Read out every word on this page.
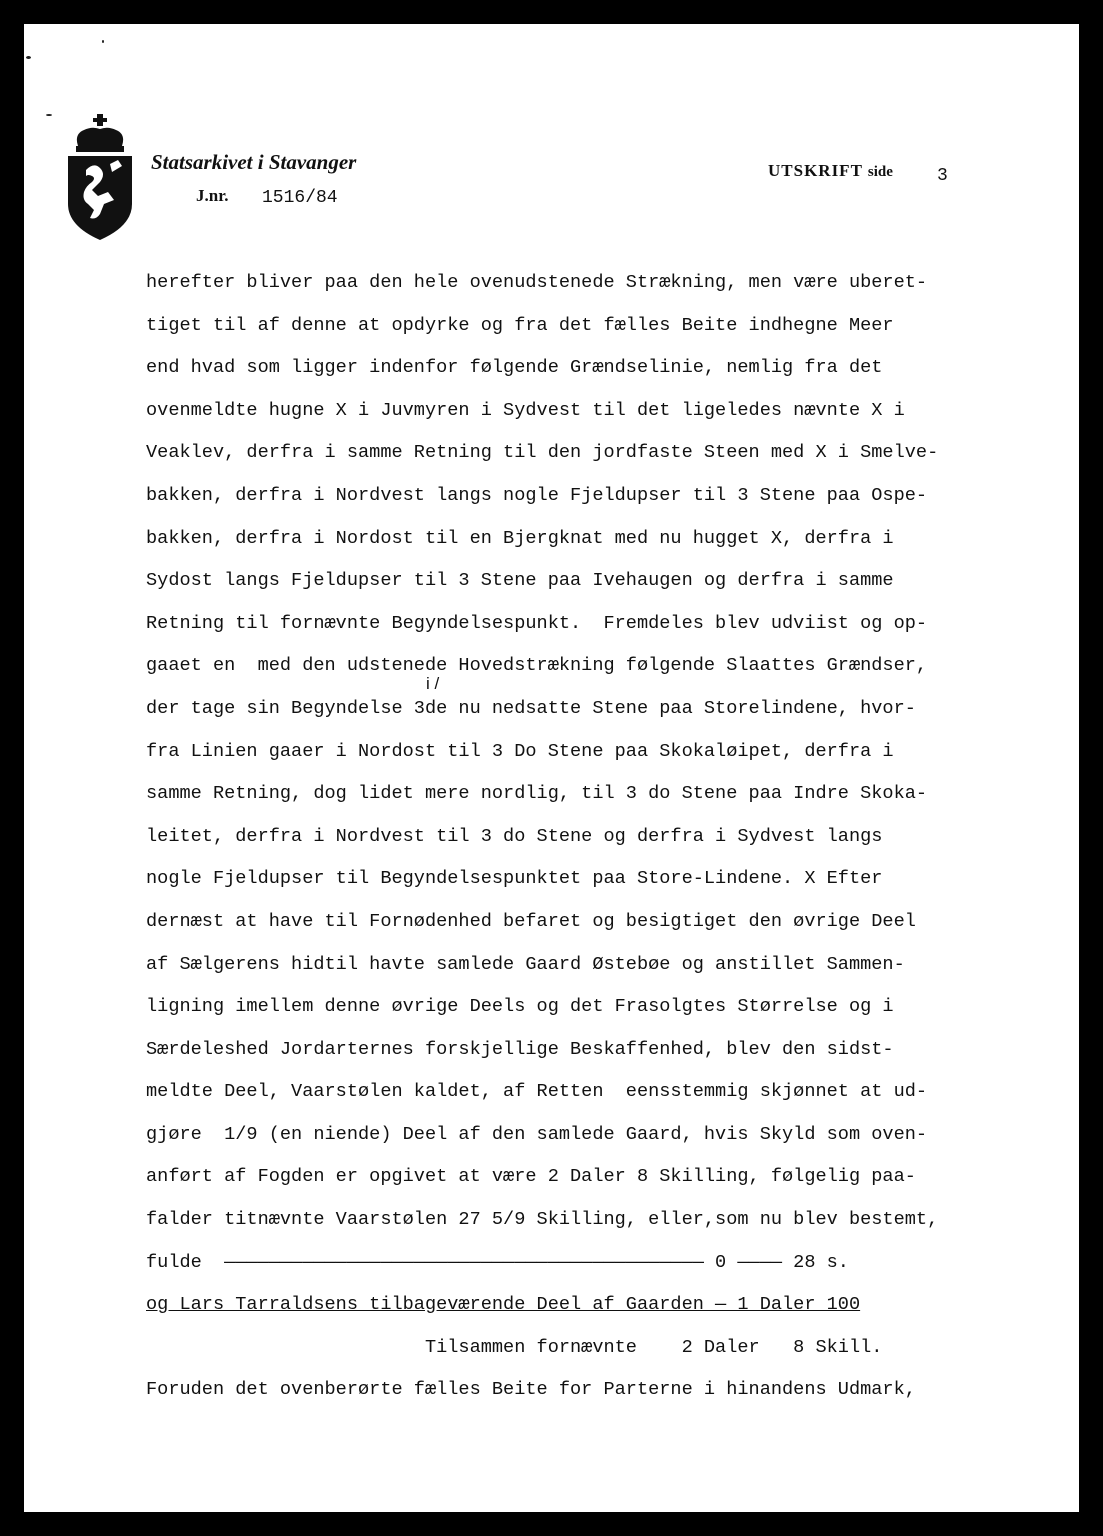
Statsarkivet i Stavanger
J.nr. 1516/84
UTSKRIFT side 3
i /
herefter bliver paa den hele ovenudstenede Strækning, men være uberet-
tiget til af denne at opdyrke og fra det fælles Beite indhegne Meer
end hvad som ligger indenfor følgende Grændselinie, nemlig fra det
ovenmeldte hugne X i Juvmyren i Sydvest til det ligeledes nævnte X i
Veaklev, derfra i samme Retning til den jordfaste Steen med X i Smelve-
bakken, derfra i Nordvest langs nogle Fjeldupser til 3 Stene paa Ospe-
bakken, derfra i Nordost til en Bjergknat med nu hugget X, derfra i
Sydost langs Fjeldupser til 3 Stene paa Ivehaugen og derfra i samme
Retning til fornævnte Begyndelsespunkt.  Fremdeles blev udviist og op-
gaaet en  med den udstenede Hovedstrækning følgende Slaattes Grændser,
der tage sin Begyndelse 3de nu nedsatte Stene paa Storelindene, hvor-
fra Linien gaaer i Nordost til 3 Do Stene paa Skokaløipet, derfra i
samme Retning, dog lidet mere nordlig, til 3 do Stene paa Indre Skoka-
leitet, derfra i Nordvest til 3 do Stene og derfra i Sydvest langs
nogle Fjeldupser til Begyndelsespunktet paa Store-Lindene. X Efter
dernæst at have til Fornødenhed befaret og besigtiget den øvrige Deel
af Sælgerens hidtil havte samlede Gaard Østebøe og anstillet Sammen-
ligning imellem denne øvrige Deels og det Frasolgtes Størrelse og i
Særdeleshed Jordarternes forskjellige Beskaffenhed, blev den sidst-
meldte Deel, Vaarstølen kaldet, af Retten  eensstemmig skjønnet at ud-
gjøre  1/9 (en niende) Deel af den samlede Gaard, hvis Skyld som oven-
anført af Fogden er opgivet at være 2 Daler 8 Skilling, følgelig paa-
falder titnævnte Vaarstølen 27 5/9 Skilling, eller,som nu blev bestemt,
fulde  ——————————————————————————————————————————— 0 ———— 28 s.
og Lars Tarraldsens tilbageværende Deel af Gaarden — 1 Daler 100
Tilsammen fornævnte    2 Daler   8 Skill.
Foruden det ovenberørte fælles Beite for Parterne i hinandens Udmark,
